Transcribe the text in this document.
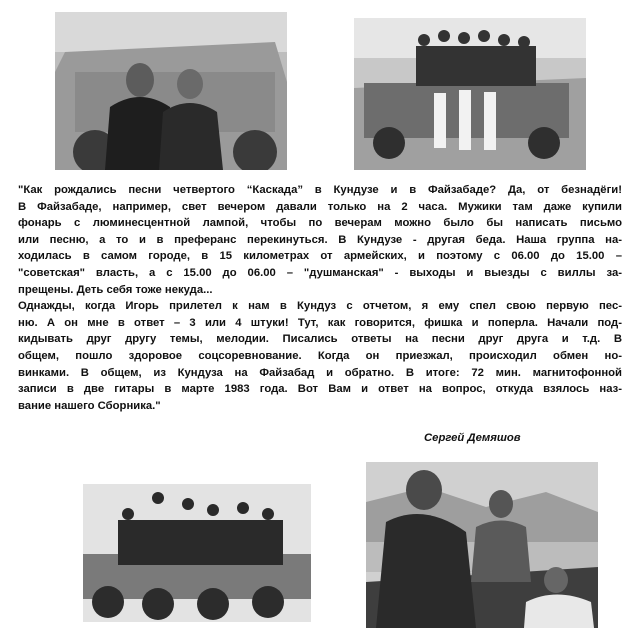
"Как рождались песни четвертого “Каскада” в Кундузе и в Файзабаде? Да, от безнадёги!
В Файзабаде, например, свет вечером давали только на 2 часа. Мужики там даже купили
фонарь с люминесцентной лампой, чтобы по вечерам можно было бы написать письмо
или песню, а то и в преферанс перекинуться. В Кундузе - другая беда. Наша группа на-
ходилась в самом городе, в 15 километрах от армейских, и поэтому с 06.00 до 15.00 –
"советская" власть, а с 15.00 до 06.00 – "душманская" - выходы и выезды с виллы за-
прещены. Деть себя тоже некуда...
Однажды, когда Игорь прилетел к нам в Кундуз с отчетом, я ему спел свою первую пес-
ню. А он мне в ответ – 3 или 4 штуки! Тут, как говорится, фишка и поперла. Начали под-
кидывать друг другу темы, мелодии. Писались ответы на песни друг друга и т.д. В
общем, пошло здоровое соцсоревнование. Когда он приезжал, происходил обмен но-
винками. В общем, из Кундуза на Файзабад и обратно. В итоге: 72 мин. магнитофонной
записи в две гитары в марте 1983 года. Вот Вам и ответ на вопрос, откуда взялось наз-
вание нашего Сборника."

Сергей Демяшов
